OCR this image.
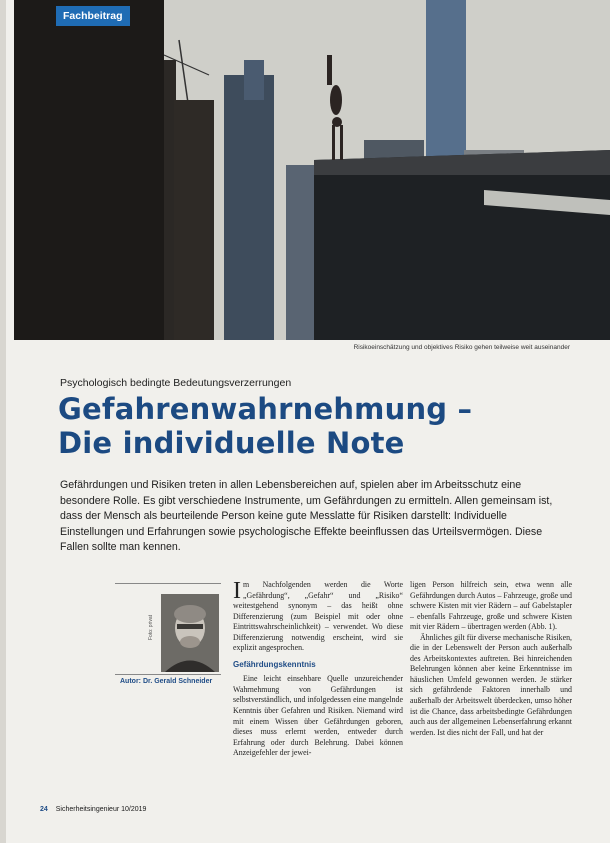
Fachbeitrag
Risikoeinschätzung und objektives Risiko gehen teilweise weit auseinander
Psychologisch bedingte Bedeutungsverzerrungen
Gefahrenwahrnehmung –
Die individuelle Note

Gefährdungen und Risiken treten in allen Lebensbereichen auf, spielen aber im Arbeitsschutz eine besondere Rolle. Es gibt verschiedene Instrumente, um Gefährdungen zu ermitteln. Allen gemeinsam ist, dass der Mensch als beurteilende Person keine gute Messlatte für Risiken darstellt: Individuelle Einstellungen und Erfahrungen sowie psychologische Effekte beeinflussen das Urteilsvermögen. Diese Fallen sollte man kennen.

Foto: privat
Autor: Dr. Gerald Schneider

Im Nachfolgenden werden die Worte „Gefährdung“, „Gefahr“ und „Risiko“ weitestgehend synonym – das heißt ohne Differenzierung (zum Beispiel mit oder ohne Eintrittswahrscheinlichkeit) – verwendet. Wo diese Differenzierung notwendig erscheint, wird sie explizit angesprochen.

Gefährdungskenntnis

Eine leicht einsehbare Quelle unzureichender Wahrnehmung von Gefährdungen ist selbstverständlich, und infolgedessen eine mangelnde Kenntnis über Gefahren und Risiken. Niemand wird mit einem Wissen über Gefährdungen geboren, dieses muss erlernt werden, entweder durch Erfahrung oder durch Belehrung. Dabei können Anzeigefehler der jewei-

ligen Person hilfreich sein, etwa wenn alle Gefährdungen durch Autos – Fahrzeuge, große und schwere Kisten mit vier Rädern – auf Gabelstapler – ebenfalls Fahrzeuge, große und schwere Kisten mit vier Rädern – übertragen werden (Abb. 1).

Ähnliches gilt für diverse mechanische Risiken, die in der Lebenswelt der Person auch außerhalb des Arbeitskontextes auftreten. Bei hinreichenden Belehrungen können aber keine Erkenntnisse im häuslichen Umfeld gewonnen werden. Je stärker sich gefährdende Faktoren innerhalb und außerhalb der Arbeitswelt überdecken, umso höher ist die Chance, dass arbeitsbedingte Gefährdungen auch aus der allgemeinen Lebenserfahrung erkannt werden. Ist dies nicht der Fall, und hat der

24 Sicherheitsingenieur 10/2019
